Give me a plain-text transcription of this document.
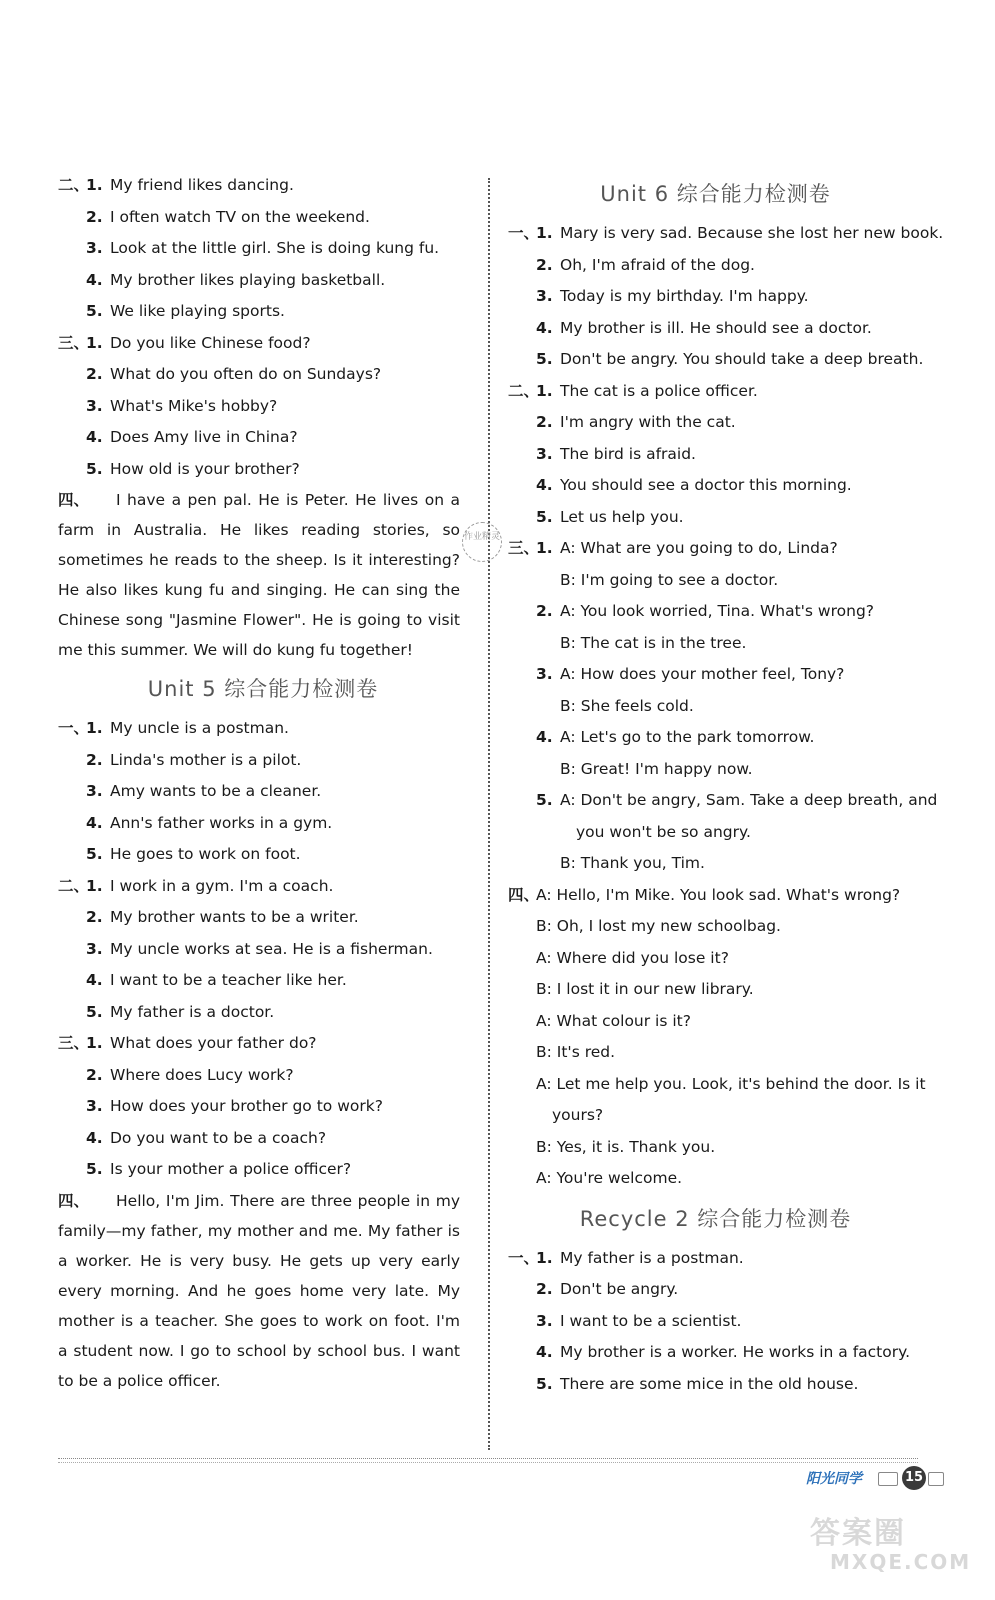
二、
1. My friend likes dancing.
2. I often watch TV on the weekend.
3. Look at the little girl. She is doing kung fu.
4. My brother likes playing basketball.
5. We like playing sports.
三、
1. Do you like Chinese food?
2. What do you often do on Sundays?
3. What's Mike's hobby?
4. Does Amy live in China?
5. How old is your brother?
四、 I have a pen pal. He is Peter. He lives on a farm in Australia. He likes reading stories, so sometimes he reads to the sheep. Is it interesting? He also likes kung fu and singing. He can sing the Chinese song "Jasmine Flower". He is going to visit me this summer. We will do kung fu together!
Unit 5 综合能力检测卷
一、
1. My uncle is a postman.
2. Linda's mother is a pilot.
3. Amy wants to be a cleaner.
4. Ann's father works in a gym.
5. He goes to work on foot.
二、
1. I work in a gym. I'm a coach.
2. My brother wants to be a writer.
3. My uncle works at sea. He is a fisherman.
4. I want to be a teacher like her.
5. My father is a doctor.
三、
1. What does your father do?
2. Where does Lucy work?
3. How does your brother go to work?
4. Do you want to be a coach?
5. Is your mother a police officer?
四、 Hello, I'm Jim. There are three people in my family—my father, my mother and me. My father is a worker. He is very busy. He gets up very early every morning. And he goes home very late. My mother is a teacher. She goes to work on foot. I'm a student now. I go to school by school bus. I want to be a police officer.
Unit 6 综合能力检测卷
一、
1. Mary is very sad. Because she lost her new book.
2. Oh, I'm afraid of the dog.
3. Today is my birthday. I'm happy.
4. My brother is ill. He should see a doctor.
5. Don't be angry. You should take a deep breath.
二、
1. The cat is a police officer.
2. I'm angry with the cat.
3. The bird is afraid.
4. You should see a doctor this morning.
5. Let us help you.
三、
1. A: What are you going to do, Linda?
B: I'm going to see a doctor.
2. A: You look worried, Tina. What's wrong?
B: The cat is in the tree.
3. A: How does your mother feel, Tony?
B: She feels cold.
4. A: Let's go to the park tomorrow.
B: Great! I'm happy now.
5. A: Don't be angry, Sam. Take a deep breath, and
you won't be so angry.
B: Thank you, Tim.
四、
A: Hello, I'm Mike. You look sad. What's wrong?
B: Oh, I lost my new schoolbag.
A: Where did you lose it?
B: I lost it in our new library.
A: What colour is it?
B: It's red.
A: Let me help you. Look, it's behind the door. Is it
yours?
B: Yes, it is. Thank you.
A: You're welcome.
Recycle 2 综合能力检测卷
一、
1. My father is a postman.
2. Don't be angry.
3. I want to be a scientist.
4. My brother is a worker. He works in a factory.
5. There are some mice in the old house.
作业精灵
阳光同学	15
答案圈
MXQE.COM
